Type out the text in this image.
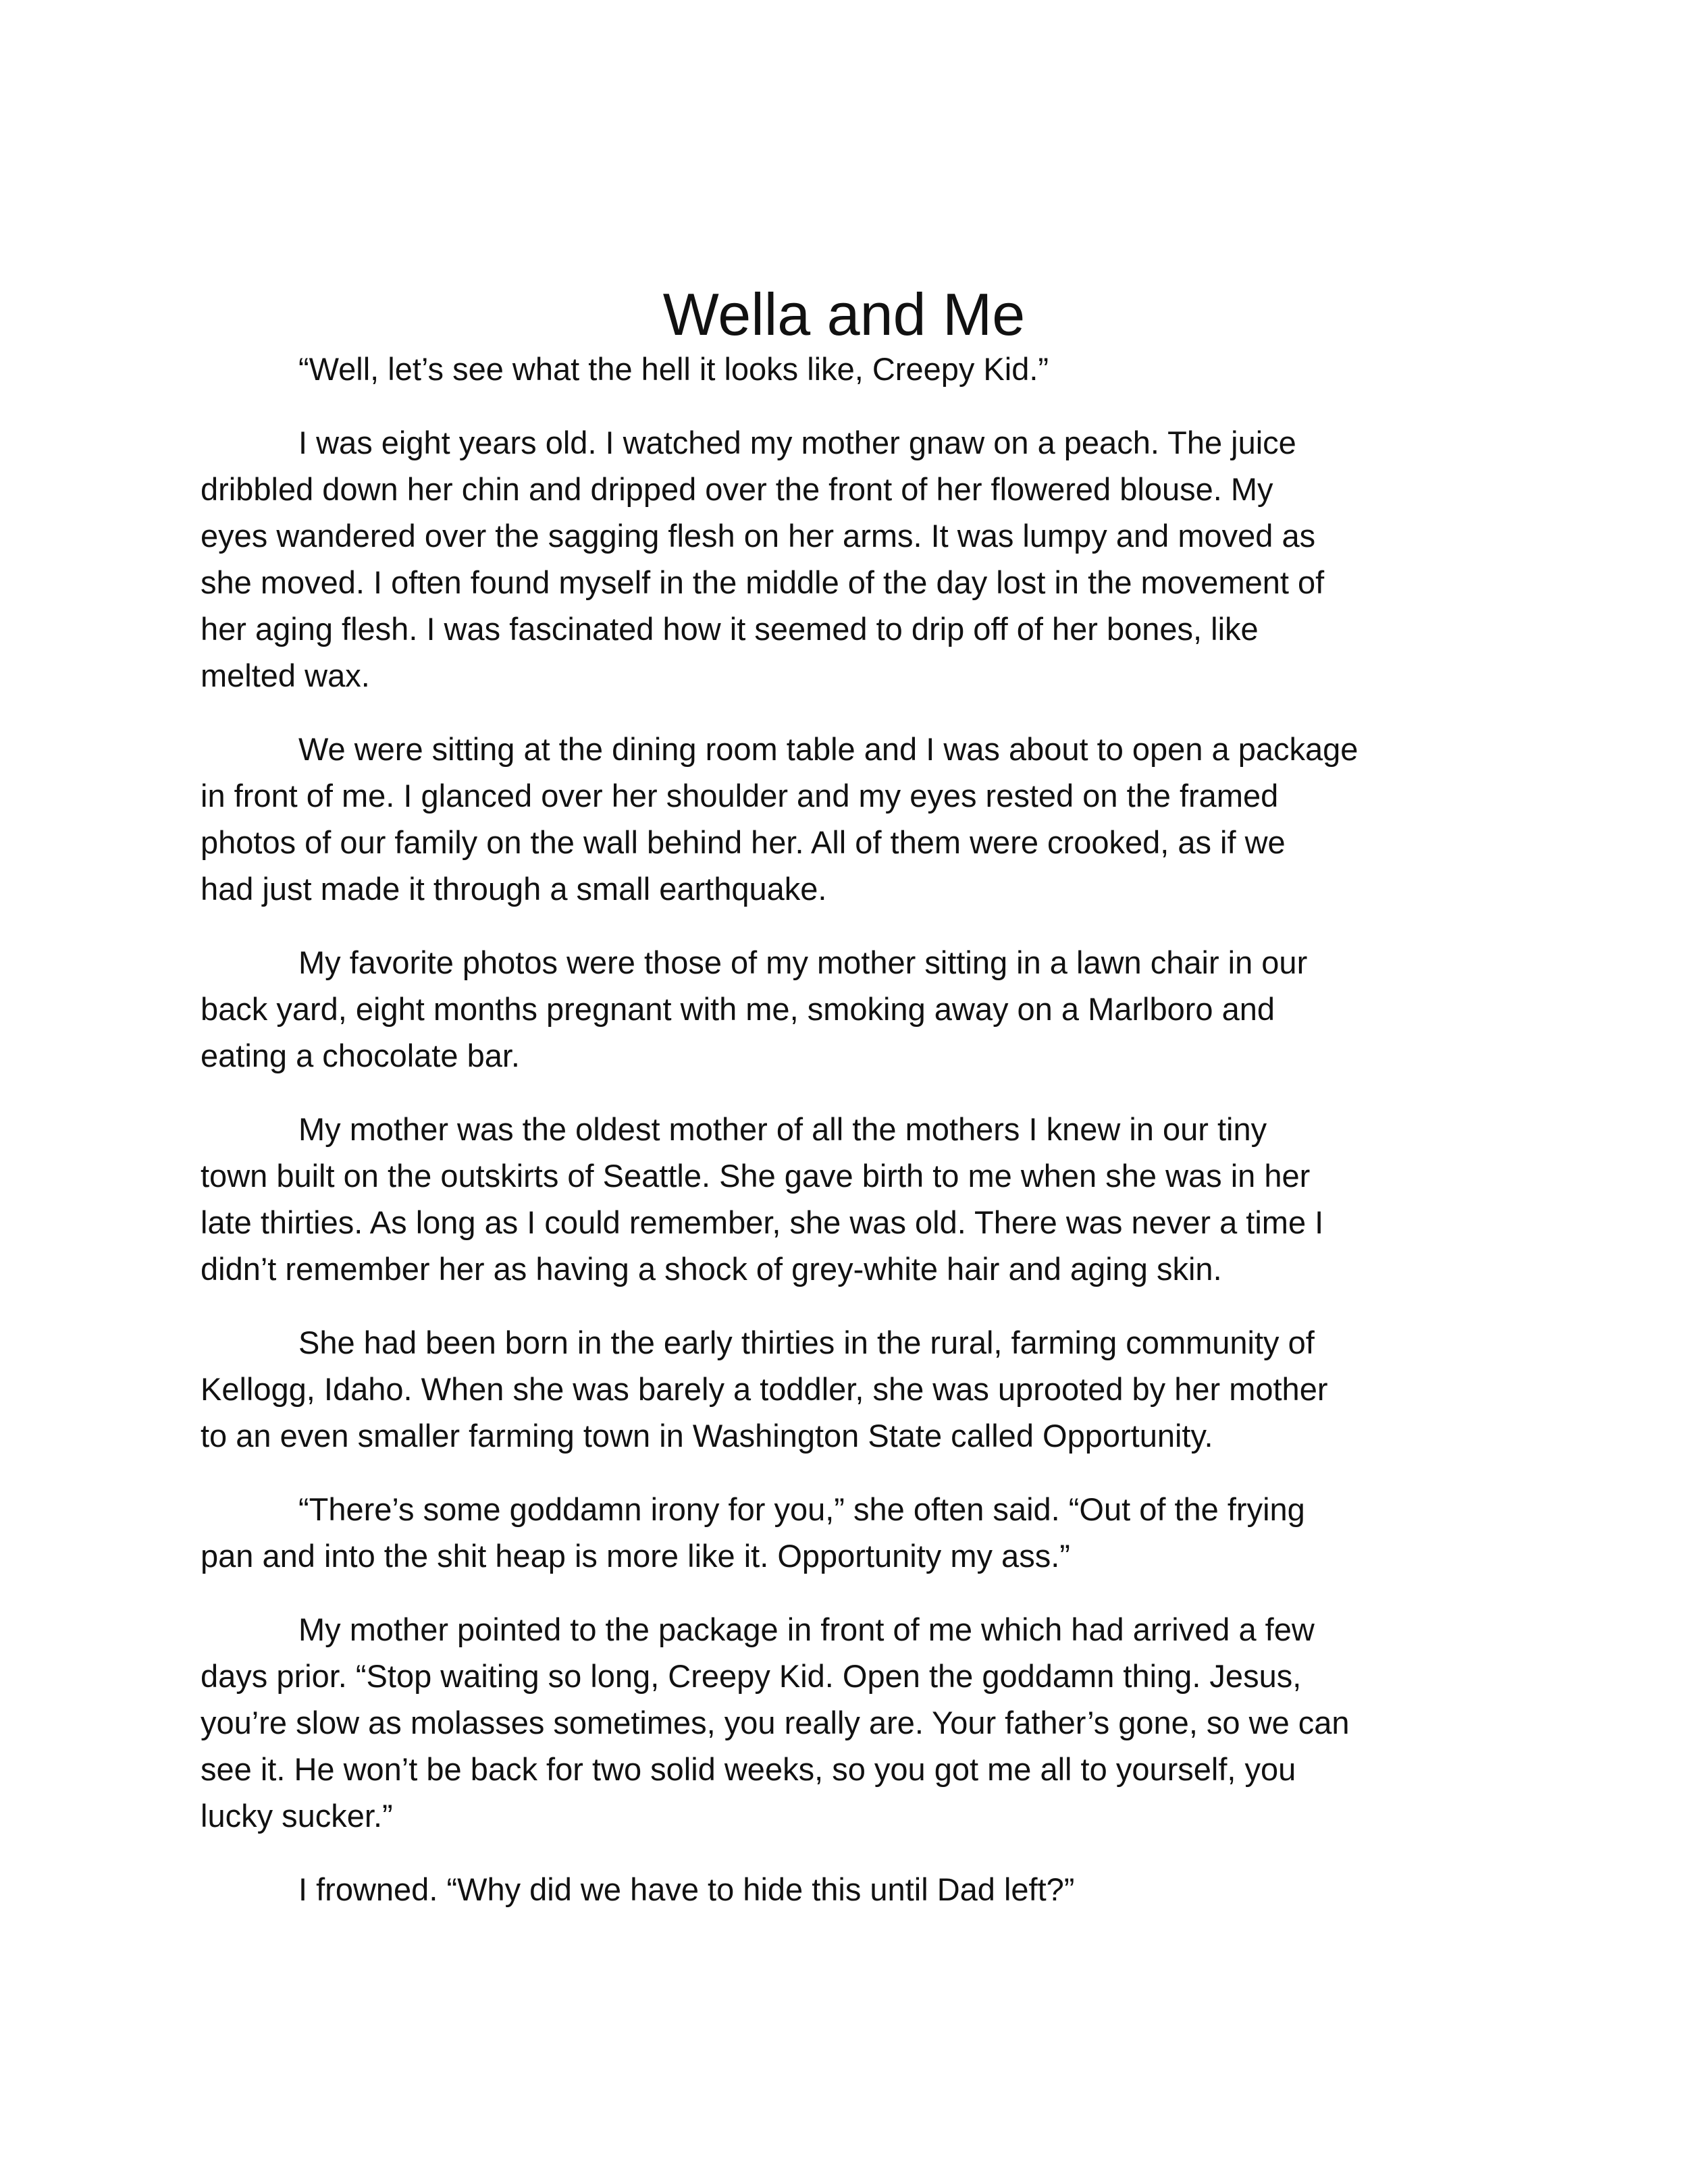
Wella and Me

“Well, let’s see what the hell it looks like, Creepy Kid.”

I was eight years old. I watched my mother gnaw on a peach. The juice
dribbled down her chin and dripped over the front of her flowered blouse. My
eyes wandered over the sagging flesh on her arms. It was lumpy and moved as
she moved. I often found myself in the middle of the day lost in the movement of
her aging flesh. I was fascinated how it seemed to drip off of her bones, like
melted wax.

We were sitting at the dining room table and I was about to open a package
in front of me. I glanced over her shoulder and my eyes rested on the framed
photos of our family on the wall behind her. All of them were crooked, as if we
had just made it through a small earthquake.

My favorite photos were those of my mother sitting in a lawn chair in our
back yard, eight months pregnant with me, smoking away on a Marlboro and
eating a chocolate bar.

My mother was the oldest mother of all the mothers I knew in our tiny
town built on the outskirts of Seattle. She gave birth to me when she was in her
late thirties. As long as I could remember, she was old. There was never a time I
didn’t remember her as having a shock of grey-white hair and aging skin.

She had been born in the early thirties in the rural, farming community of
Kellogg, Idaho. When she was barely a toddler, she was uprooted by her mother
to an even smaller farming town in Washington State called Opportunity.

“There’s some goddamn irony for you,” she often said. “Out of the frying
pan and into the shit heap is more like it. Opportunity my ass.”

My mother pointed to the package in front of me which had arrived a few
days prior. “Stop waiting so long, Creepy Kid. Open the goddamn thing. Jesus,
you’re slow as molasses sometimes, you really are. Your father’s gone, so we can
see it. He won’t be back for two solid weeks, so you got me all to yourself, you
lucky sucker.”

I frowned. “Why did we have to hide this until Dad left?”
